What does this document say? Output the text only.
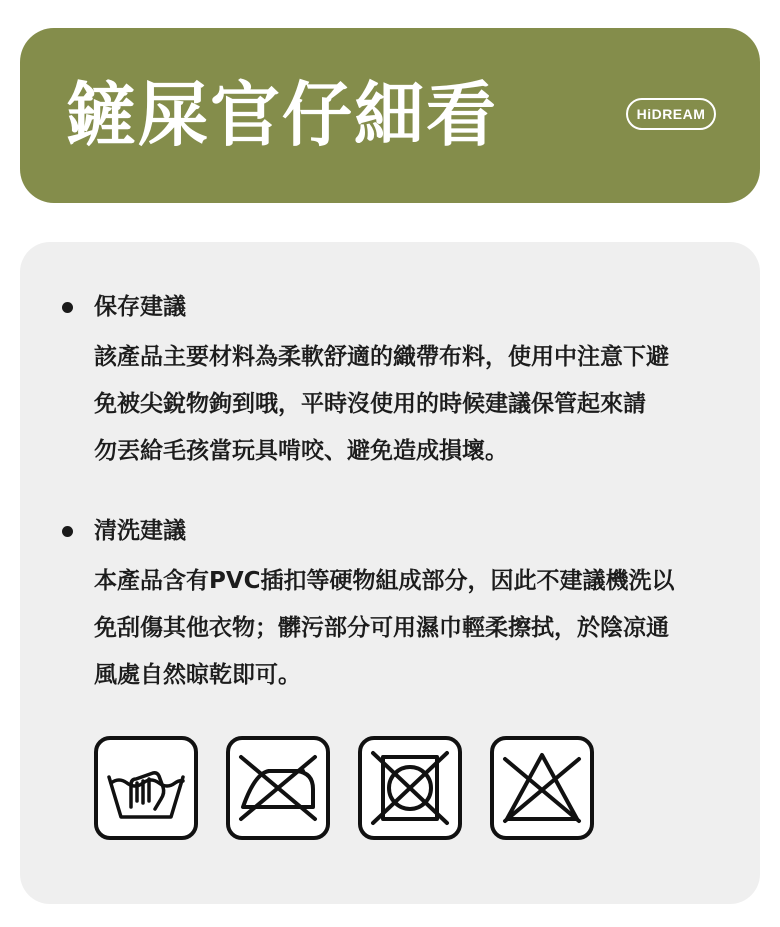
鏟屎官仔細看	HiDREAM
保存建議
該產品主要材料為柔軟舒適的織帶布料，使用中注意下避
免被尖銳物鉤到哦，平時沒使用的時候建議保管起來請
勿丟給毛孩當玩具啃咬、避免造成損壞。
清洗建議
本產品含有PVC插扣等硬物組成部分，因此不建議機洗以
免刮傷其他衣物；髒污部分可用濕巾輕柔擦拭，於陰凉通
風處自然晾乾即可。
